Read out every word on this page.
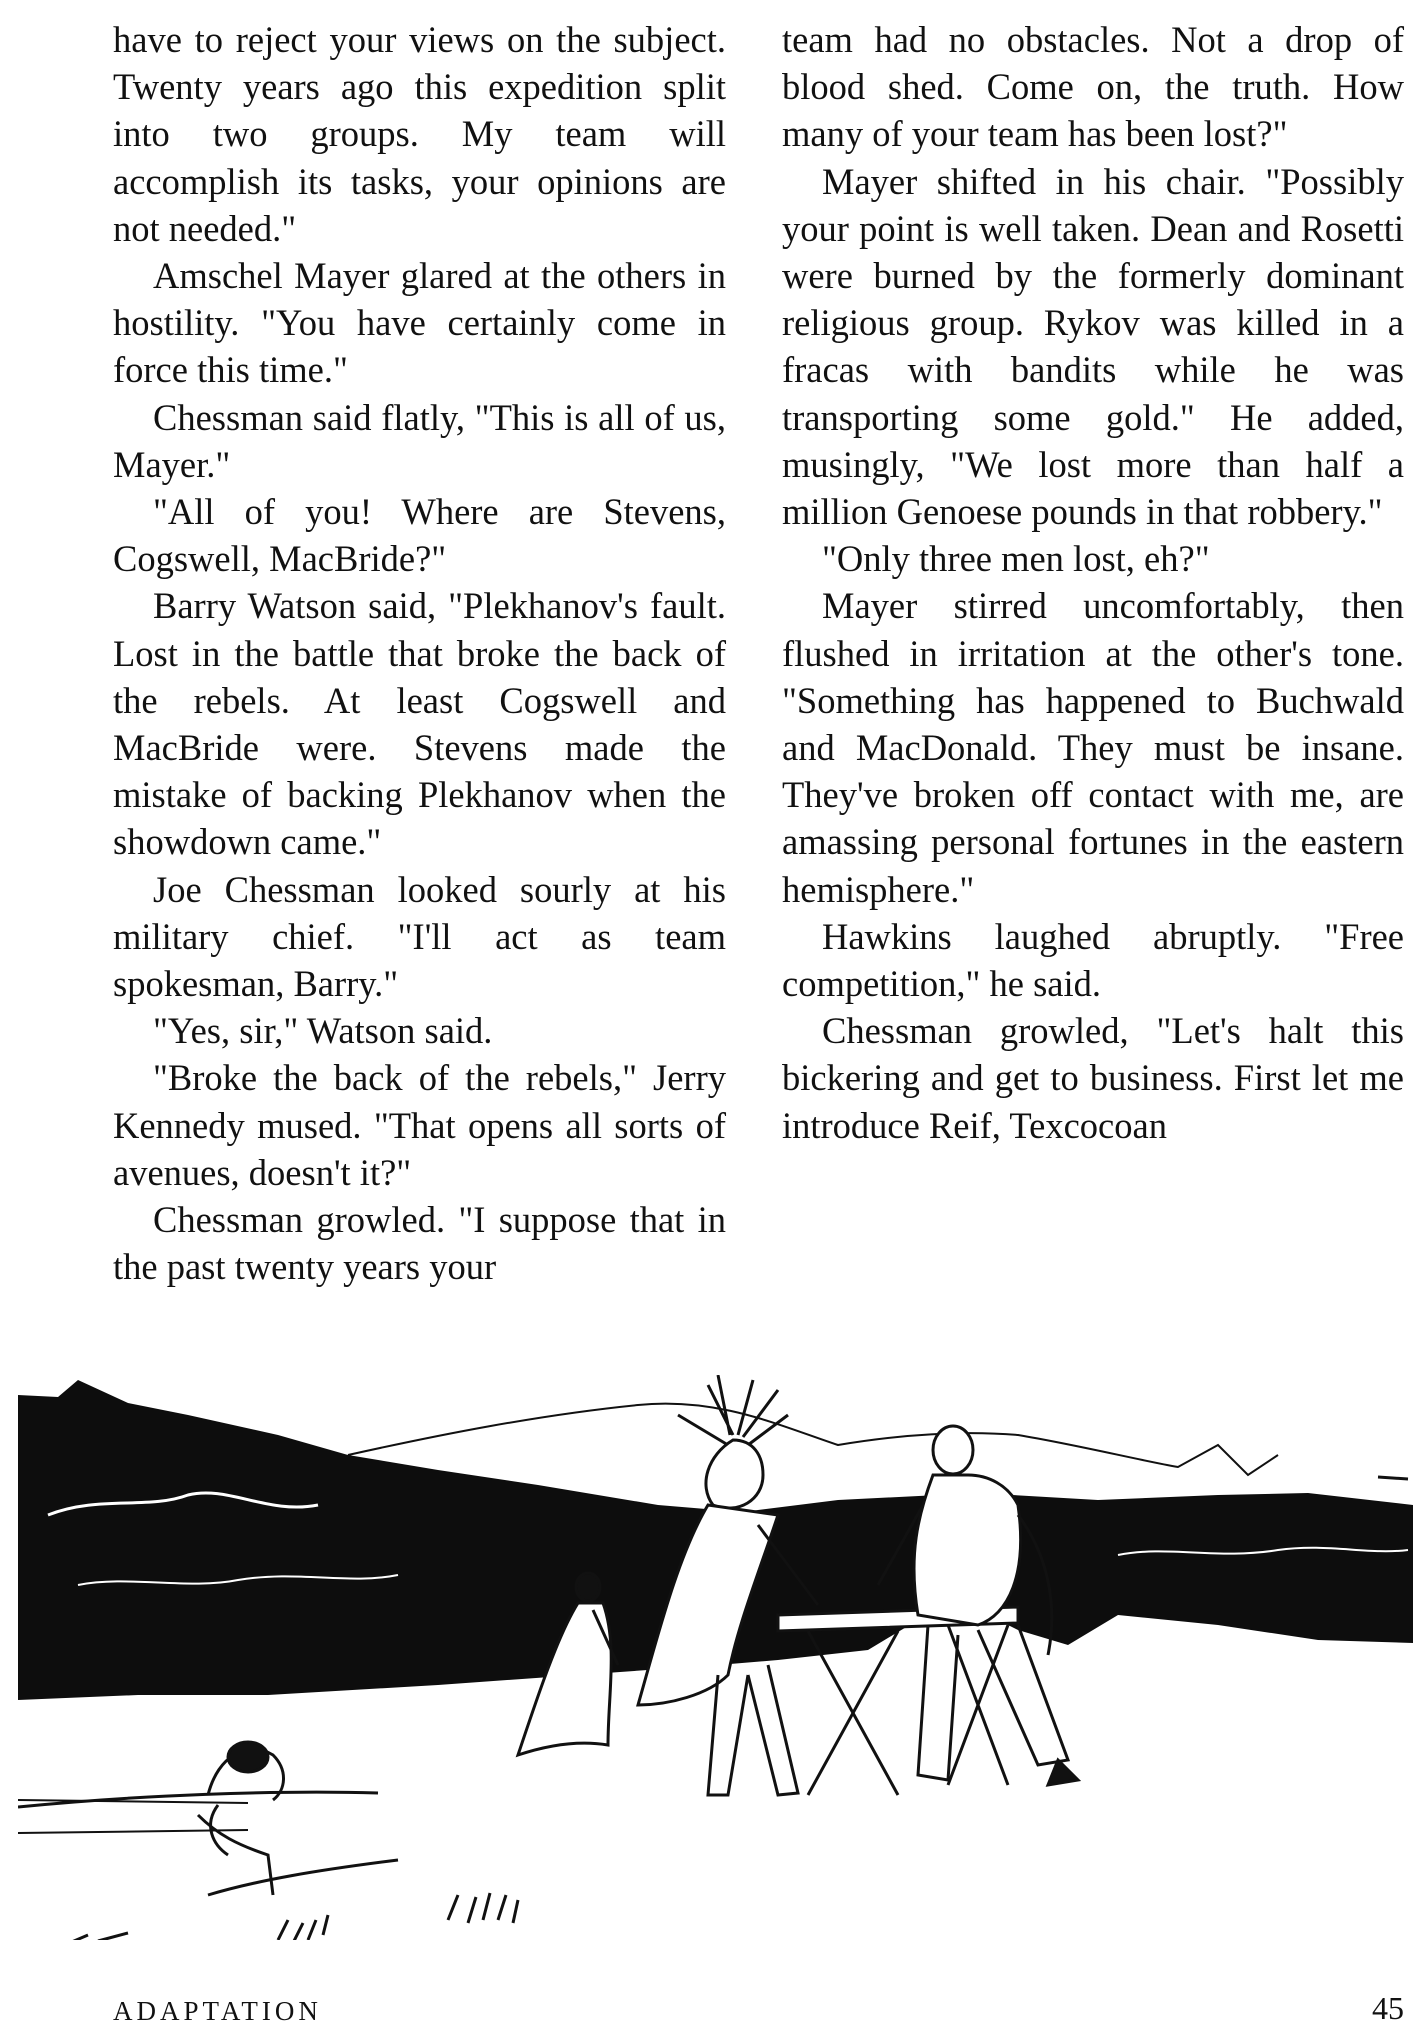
have to reject your views on the subject. Twenty years ago this expedition split into two groups. My team will accomplish its tasks, your opinions are not needed."

Amschel Mayer glared at the others in hostility. "You have certainly come in force this time."

Chessman said flatly, "This is all of us, Mayer."

"All of you! Where are Stevens, Cogswell, MacBride?"

Barry Watson said, "Plekhanov's fault. Lost in the battle that broke the back of the rebels. At least Cogswell and MacBride were. Stevens made the mistake of backing Plekhanov when the showdown came."

Joe Chessman looked sourly at his military chief. "I'll act as team spokesman, Barry."

"Yes, sir," Watson said.

"Broke the back of the rebels," Jerry Kennedy mused. "That opens all sorts of avenues, doesn't it?"

Chessman growled. "I suppose that in the past twenty years your

team had no obstacles. Not a drop of blood shed. Come on, the truth. How many of your team has been lost?"

Mayer shifted in his chair. "Possibly your point is well taken. Dean and Rosetti were burned by the formerly dominant religious group. Rykov was killed in a fracas with bandits while he was transporting some gold." He added, musingly, "We lost more than half a million Genoese pounds in that robbery."

"Only three men lost, eh?"

Mayer stirred uncomfortably, then flushed in irritation at the other's tone. "Something has happened to Buchwald and MacDonald. They must be insane. They've broken off contact with me, are amassing personal fortunes in the eastern hemisphere."

Hawkins laughed abruptly. "Free competition," he said.

Chessman growled, "Let's halt this bickering and get to business. First let me introduce Reif, Texcocoan

ADAPTATION	45
